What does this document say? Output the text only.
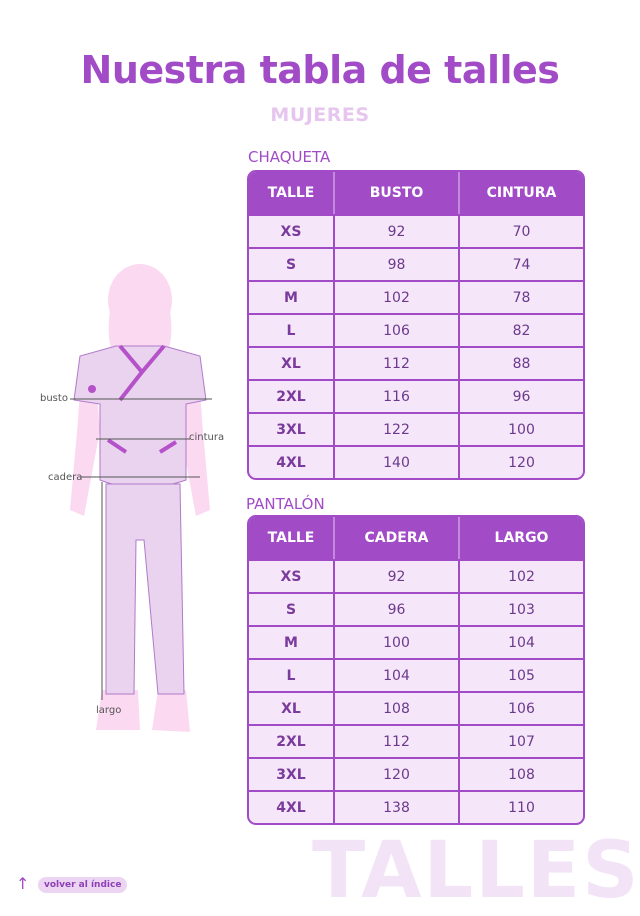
Nuestra tabla de talles
MUJERES
busto
cintura
cadera
largo
CHAQUETA
TALLE	BUSTO	CINTURA
XS	92	70
S	98	74
M	102	78
L	106	82
XL	112	88
2XL	116	96
3XL	122	100
4XL	140	120
PANTALÓN
TALLE	CADERA	LARGO
XS	92	102
S	96	103
M	100	104
L	104	105
XL	108	106
2XL	112	107
3XL	120	108
4XL	138	110
TALLES
↑	volver al índice
